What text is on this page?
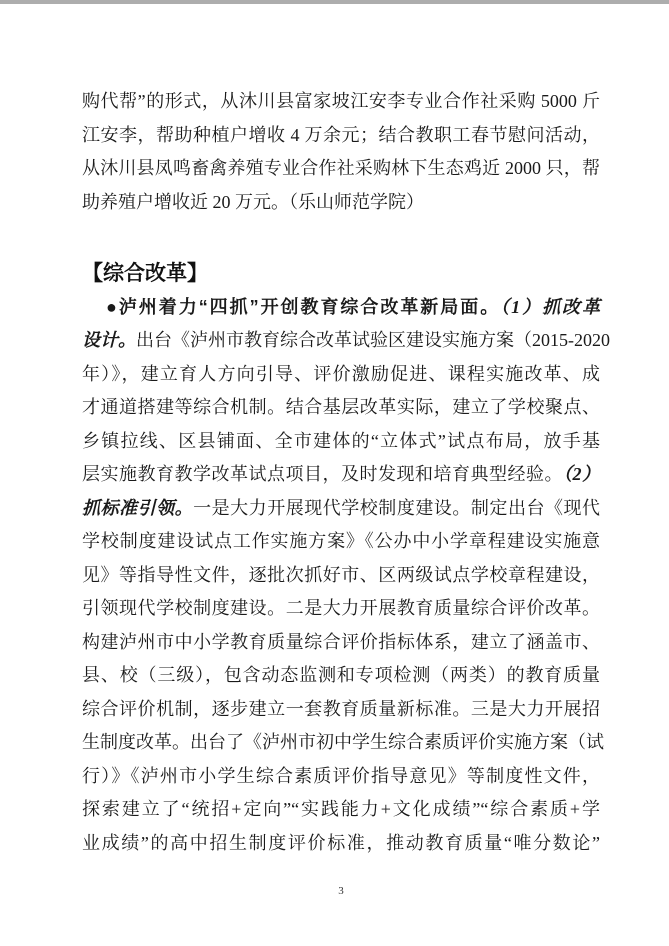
购代帮”的形式，从沐川县富家坡江安李专业合作社采购 5000 斤
江安李，帮助种植户增收 4 万余元；结合教职工春节慰问活动，
从沐川县凤鸣畜禽养殖专业合作社采购林下生态鸡近 2000 只，帮
助养殖户增收近 20 万元。（乐山师范学院）
【综合改革】
●泸州着力“四抓”开创教育综合改革新局面。（1）抓改革
设计。出台《泸州市教育综合改革试验区建设实施方案（2015-2020
年）》，建立育人方向引导、评价激励促进、课程实施改革、成
才通道搭建等综合机制。结合基层改革实际，建立了学校聚点、
乡镇拉线、区县铺面、全市建体的“立体式”试点布局，放手基
层实施教育教学改革试点项目，及时发现和培育典型经验。（2）
抓标准引领。一是大力开展现代学校制度建设。制定出台《现代
学校制度建设试点工作实施方案》《公办中小学章程建设实施意
见》等指导性文件，逐批次抓好市、区两级试点学校章程建设，
引领现代学校制度建设。二是大力开展教育质量综合评价改革。
构建泸州市中小学教育质量综合评价指标体系，建立了涵盖市、
县、校（三级），包含动态监测和专项检测（两类）的教育质量
综合评价机制，逐步建立一套教育质量新标准。三是大力开展招
生制度改革。出台了《泸州市初中学生综合素质评价实施方案（试
行）》《泸州市小学生综合素质评价指导意见》等制度性文件，
探索建立了“统招+定向”“实践能力+文化成绩”“综合素质+学
业成绩”的高中招生制度评价标准，推动教育质量“唯分数论”
3
